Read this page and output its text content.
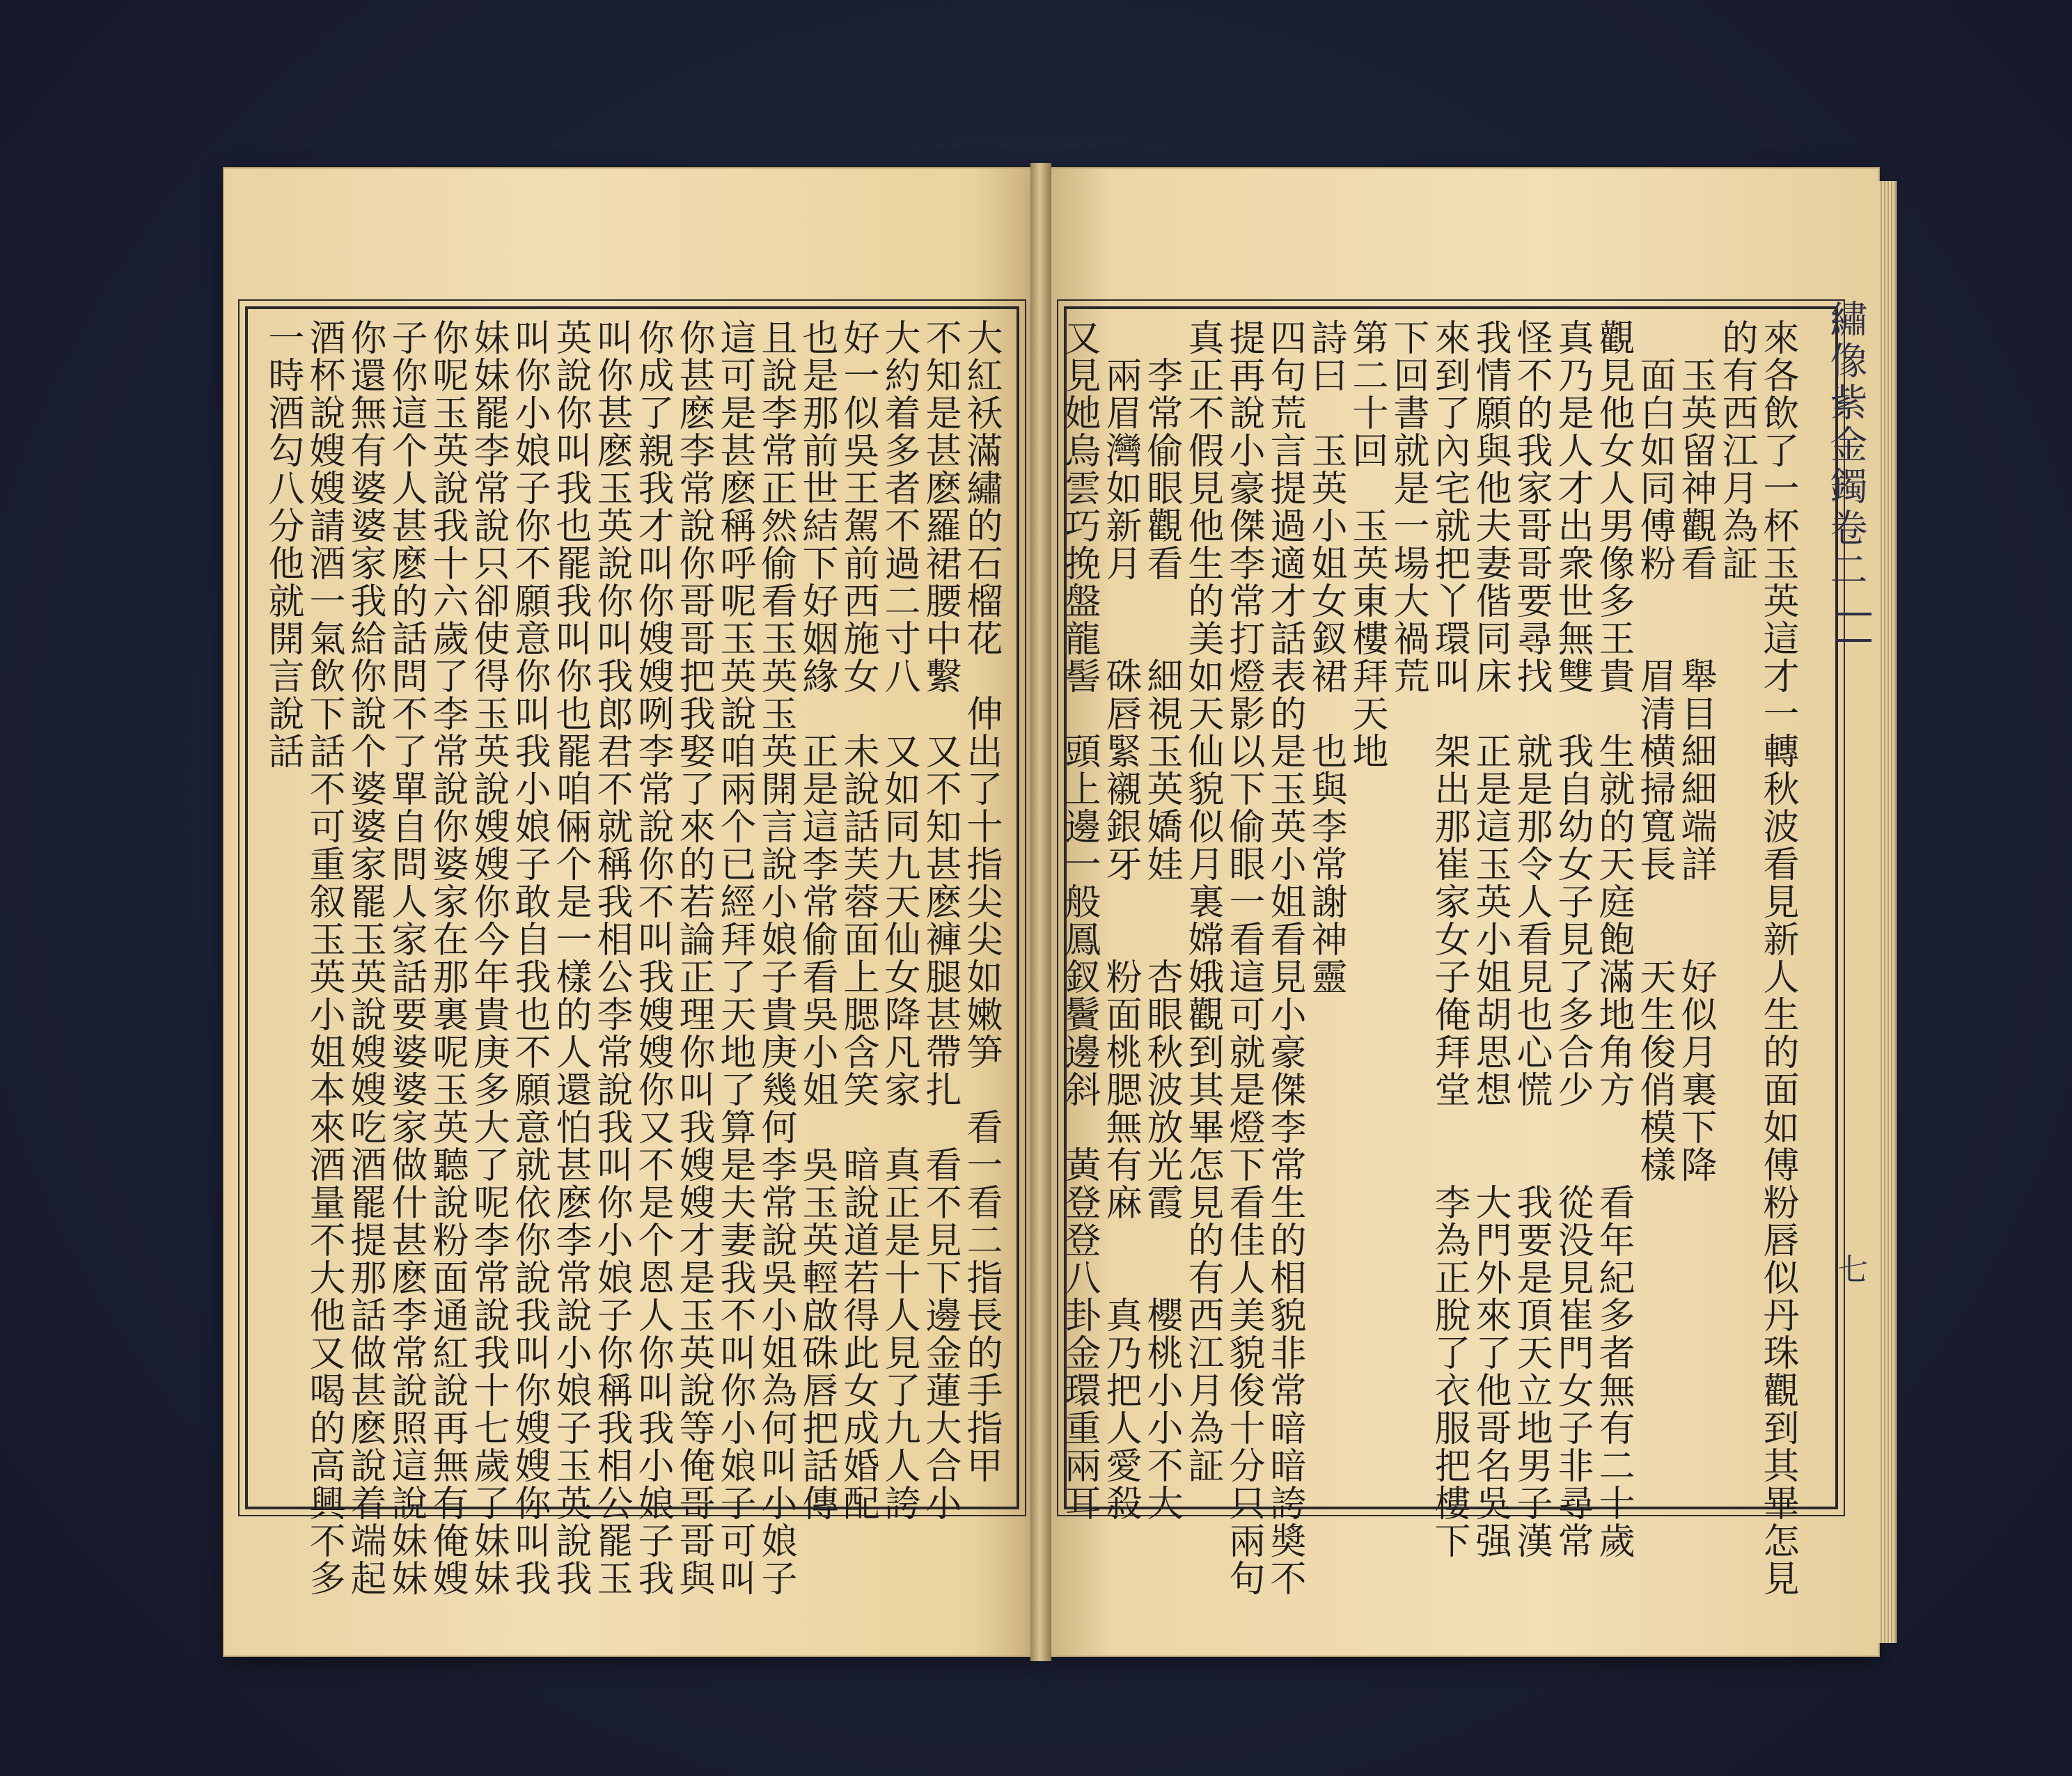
大紅袄滿繡的石榴花　伸出了十指尖尖如嫩笋　看一看二指長的手指甲
不知是甚麽羅裙腰中繫　又不知甚麽褲腿甚帶扎　看不見下邊金蓮大合小
大約着多者不過二寸八　又如同九天仙女降凡家　真正是十人見了九人誇
好一似吳王駕前西施女　未說話芙蓉面上腮含笑　暗說道若得此女成婚配
也是那前世結下好姻緣　正是這李常偷看吳小姐　吳玉英輕啟硃唇把話傳
且說李常正然偷看玉英玉英開言說小娘子貴庚幾何李常說吳小姐為何叫小娘子
這可是甚麽稱呼呢玉英說咱兩个已經拜了天地了算是夫妻我不叫你小娘子可叫
你甚麽李常說你哥哥把我娶了來的若論正理你叫我嫂嫂才是玉英說等俺哥哥與
你成了親我才叫你嫂嫂咧李常說你不叫我嫂嫂你又不是个恩人你叫我小娘子我
叫你甚麽玉英說你叫我郎君不就稱我相公李常說我叫你小娘子你稱我相公罷玉
英說你叫我也罷我叫你也罷咱倆个是一樣的人還怕甚麽李常說小娘子玉英說我
叫你小娘子你不願意你叫我小娘子敢自我也不願意就依你說我叫你嫂嫂你叫我
妹妹罷李常說只卻使得玉英說嫂嫂你今年貴庚多大了呢李常說我十七歲了妹妹
你呢玉英說我十六歲了李常說你婆家在那裏呢玉英聽說粉面通紅說再無有俺嫂
子你這个人甚麽的話問不了單自問人家話要婆婆家做什甚麽李常說照這說妹妹
你還無有婆婆家我給你說个婆婆家罷玉英說嫂嫂吃酒罷提那話做甚麽說着端起
酒杯說嫂嫂請酒一氣飲下話不可重叙玉英小姐本來酒量不大他又喝的高興不多
一時酒勾八分他就開言說話	來各飲了一杯玉英這才一轉秋波看見新人生的面如傅粉唇似丹珠觀到其畢怎見
的有西江月為証
　玉英留神觀看　　舉目細細端詳　　好似月裏下降
　面白如同傅粉　　眉清横掃寬長　　天生俊俏模樣
觀見他女人男像多王貴　生就的天庭飽滿地角方　　看年紀多者無有二十歲
真乃是人才出衆世無雙　我自幼女子見了多合少　　從没見崔門女子非尋常
怪不的我家哥哥要尋找　就是那令人看見也心慌　　我要是頂天立地男子漢
我情願與他夫妻偕同床　正是這玉英小姐胡思想　　大門外來了他哥名吳强
來到了內宅就把丫環叫　架出那崔家女子俺拜堂　　李為正脫了衣服把樓下
下回書就是一場大禍荒
第二十回　玉英東樓拜天地
詩曰　玉英小姐女釵裙　也與李常謝神靈
四句荒言提過適才話表的是玉英小姐看見小豪傑李常生的相貌非常暗暗誇奬不
提再說小豪傑李常打燈影以下偷眼一看這可就是燈下看佳人美貌俊十分只兩句
真正不假見他生的美如天仙貌似月裏嫦娥觀到其畢怎見的有西江月為証
　李常偷眼觀看　　細視玉英嬌娃　　杏眼秋波放光霞　　櫻桃小小不大
　兩眉灣如新月　　硃唇緊襯銀牙　　粉面桃腮無有麻　　真乃把人愛殺
又見她烏雲巧挽盤龍髻　頭上邊一般鳳釵鬢邊斜　黃登登八卦金環重兩耳	繡像紫金鐲卷二
七
